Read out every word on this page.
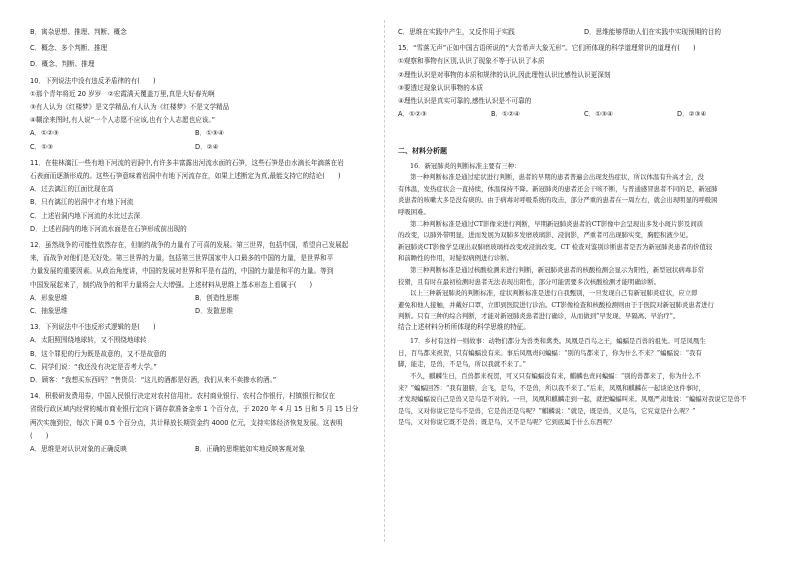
B．寓杂思想、推理、判断、概念
C．概念、多个判断、推理
D．概念、判断、推理
10．下列说法中没有违反矛盾律的有(　　)
①那个青年将近 20 岁岁　②宏霞满天覆盖万里,真是大好春光啊
③有人认为《红楼梦》是文学精品,有人认为《红楼梦》不是文学精品
④糊涂来图时,有人说“一个人志愿不应该,也有个人志愿也应该。”
A．①②③	B．①③④
C．①③	D．②④
11．在桂林漓江一些有地下河流的岩洞中,有许多丰富露出河流水面的石笋，这些石笋是由水滴长年滴落在岩
石表面而逐渐形成的。这些石笋意味着岩洞中有地下河流存在，如果上述断定为真,最能支持它的结论(　　)
A．过去漓江的江面比现在高
B．只有漓江的岩洞中才有地下河流
C．上述岩洞内地下河流的水比过去深
D．上述岩洞内的地下河流水面是在石笋形成前出现的
12．虽然战争的可能性依然存在，但制约战争的力量有了可喜的发展。第三世界，包括中国，希望自己发展起
来，而战争对他们是无好处。第三世界的力量，包括第三世界国家中人口最多的中国的力量，是世界和平
力量发展的重要因素。从政治角度讲，中国的发展对世界和平是有益的，中国的力量是和平的力量。等到
中国发展起来了，制约战争的和平力量将会大大增强。上述材料从思维上基本形态上看属于(　　)
A．形象思维	B．创造性思维
C．抽象思维	D．发散思维
13．下列说法中不违反形式逻辑的是(　　)
A．太阳照围绕地球转，又不围绕地球转
B．这个罪犯的行为既是故意的，又不是故意的
C．同学们说：“我还没有决定是否考大学。”
D．顾客：“我想买东西吗？”售货员：“这儿的酒都是好酒，我们从来不卖掺水的酒。”
14．积极研发费用券，中国人民银行决定对农村信用社、农村商业银行、农村合作银行，村镇银行和仅在
省级行政区域内经营的城市商业银行定向下调存款准备金率 1 个百分点，于 2020 年 4 月 15 日和 5 月 15 日分
两次实施到位，每次下调 0.5 个百分点，共计释放长期资金约 4000 亿元，支持实体经济恢复发展。这表明
(　　)
A．思维是对认识对象的正确反映	B．正确的思维能如实地反映客观对象
C．思维在实践中产生，又反作用于实践	D．思维能够帮助人们在实践中实现预期的目的
15．“雪落无声”正如中国古语所说的“大音希声大象无形”。它们所体现的科学道理常识的道理有(　　)
①观察和事物有区别,认识了现象不等于认识了本质
②理性认识是对事物的本质和规律的认识,因此理性认识比感性认识更深刻
③要透过现象认识事物的本质
④理性认识是真实可靠的,感性认识是不可靠的
A．①②③	B．①②④	C．①③④	D．②③④
二、材料分析题
16．新冠肺炎的判断标准主要有三种：
第一种判断标准是通过症状进行判断，患者的早期的患者普遍会出现发热症状，所以体温有升高才会，没
有体温，发热症状会一直持续，体温保持不降。新冠肺炎的患者还会干咳不断，与普通感冒患者不同的是，新冠肺
炎患者的咳嗽大多是没有痰的。由于病毒对呼吸系统的攻击，部分严重的患者在一周左右，就会出现明显的呼吸困
呼吸困难。
第二种判断标准是通过CT影像来进行判断，早期新冠肺炎患者的CT影像中会呈现出多发小斑片影及间质
的改变，以肺外带明显，进而发展为双肺多发磨玻璃影、浸润影，严重者可出现肺实变，胸腔积液少见。
新冠肺炎CT影像学呈现出双肺磨玻璃样改变或浸润改变。CT 检查对鉴别诊断患者是否为新冠肺炎患者的价值较
和前瞻性的作用，对疑似病例进行诊断。
第三种判断标准是通过核酸检测来进行判断，新冠肺炎患者的核酸检测会显示为阳性，新型冠状病毒非常
狡猾，且有时在最初检测时患者无法表现出阳性，部分可能需要多次核酸检测才能明确诊断。
以上三种新冠肺炎的判断标准，症状判断标准是进行自我甄别，一旦发现自己有新冠肺炎症状，应立即
避免和他人接触，并戴好口罩，立即到医院进行诊治。CT影像检查和核酸检测则由于于医院对新冠肺炎患者进行
判断。只有三种的综合判断，才能对新冠肺炎患者进行确诊，从而做到“早发现、早隔离、早治疗”。
结合上述材料分析所体现的科学思维的特征。
17．乡村有这样一则故事：动物们都分为兽类和禽类。凤凰是百鸟之王，蝙蝠是百兽的祖先。可是凤凰生
日，百鸟都来祝贺，只有蝙蝠没有来。事后凤凰责问蝙蝠：“别的鸟都来了，你为什么不来？”蝙蝠说：“我有
脚，能走，是兽，不是鸟，所以我就不来了。”
不久，麒麟生日，百兽都来祝贺，可又只有蝙蝠没有来，麒麟也责问蝙蝠：“别的兽都来了，你为什么不
来？”蝙蝠回答：“我有翅膀，会飞，是鸟，不是兽，所以我不来了。”后来，凤凰和麒麟在一起谈论这件事时，
才发现蝙蝠说自己是兽又是鸟是不对的。一旦，凤凰和麒麟走到一起，就把蝙蝠叫来。凤凰严肃地说：“蝙蝠对我说它是兽不
是鸟，又对你说它是鸟不是兽，它是兽还是鸟呢？”麒麟说：“就是，既是兽，又是鸟，它究竟是什么呢？”
是鸟，又对你说它既不是兽；既是鸟，又不是鸟呢？它到底属于什么东西呢？
